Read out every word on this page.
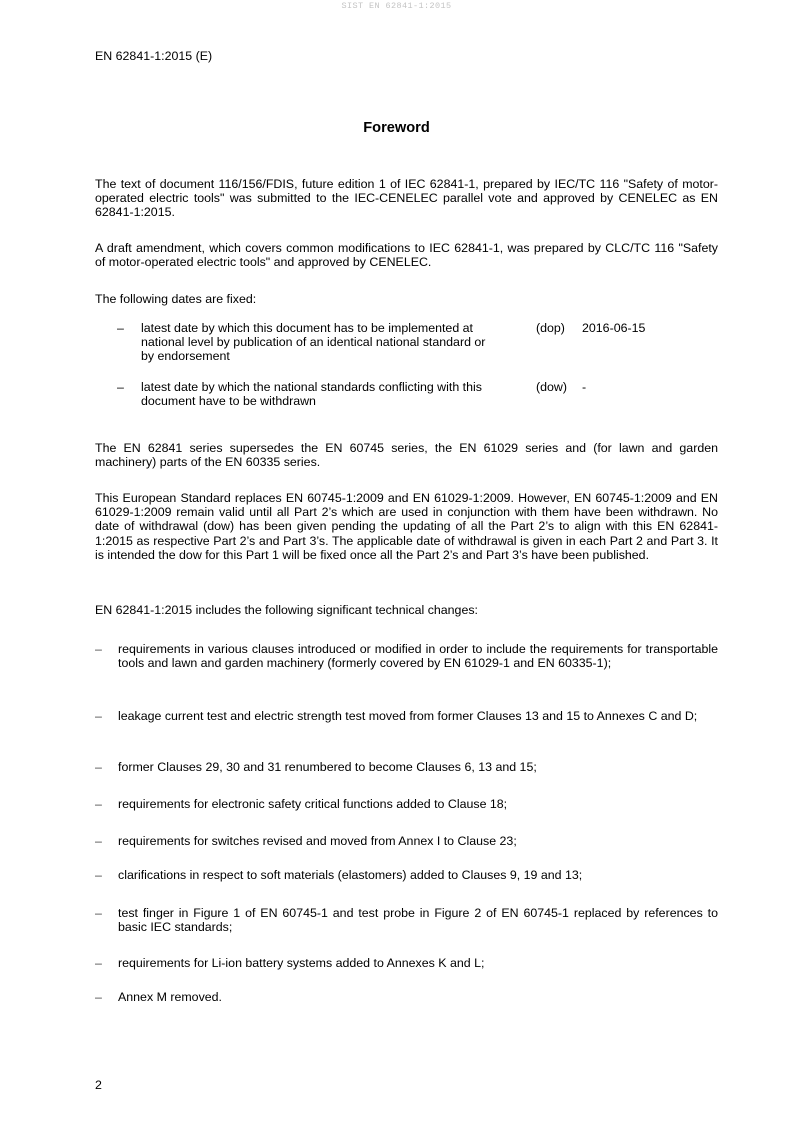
SIST EN 62841-1:2015
EN 62841-1:2015 (E)
Foreword
The text of document 116/156/FDIS, future edition 1 of IEC 62841-1, prepared by IEC/TC 116 "Safety of motor-operated electric tools" was submitted to the IEC-CENELEC parallel vote and approved by CENELEC as EN 62841-1:2015.
A draft amendment, which covers common modifications to IEC 62841-1, was prepared by CLC/TC 116 "Safety of motor-operated electric tools" and approved by CENELEC.
The following dates are fixed:
– latest date by which this document has to be implemented at national level by publication of an identical national standard or by endorsement
(dop) 2016-06-15
– latest date by which the national standards conflicting with this document have to be withdrawn
(dow) -
The EN 62841 series supersedes the EN 60745 series, the EN 61029 series and (for lawn and garden machinery) parts of the EN 60335 series.
This European Standard replaces EN 60745-1:2009 and EN 61029-1:2009. However, EN 60745-1:2009 and EN 61029-1:2009 remain valid until all Part 2’s which are used in conjunction with them have been withdrawn. No date of withdrawal (dow) has been given pending the updating of all the Part 2’s to align with this EN 62841-1:2015 as respective Part 2’s and Part 3’s. The applicable date of withdrawal is given in each Part 2 and Part 3. It is intended the dow for this Part 1 will be fixed once all the Part 2’s and Part 3’s have been published.
EN 62841-1:2015 includes the following significant technical changes:
– requirements in various clauses introduced or modified in order to include the requirements for transportable tools and lawn and garden machinery (formerly covered by EN 61029-1 and EN 60335-1);
– leakage current test and electric strength test moved from former Clauses 13 and 15 to Annexes C and D;
– former Clauses 29, 30 and 31 renumbered to become Clauses 6, 13 and 15;
– requirements for electronic safety critical functions added to Clause 18;
– requirements for switches revised and moved from Annex I to Clause 23;
– clarifications in respect to soft materials (elastomers) added to Clauses 9, 19 and 13;
– test finger in Figure 1 of EN 60745-1 and test probe in Figure 2 of EN 60745-1 replaced by references to basic IEC standards;
– requirements for Li-ion battery systems added to Annexes K and L;
– Annex M removed.
2
